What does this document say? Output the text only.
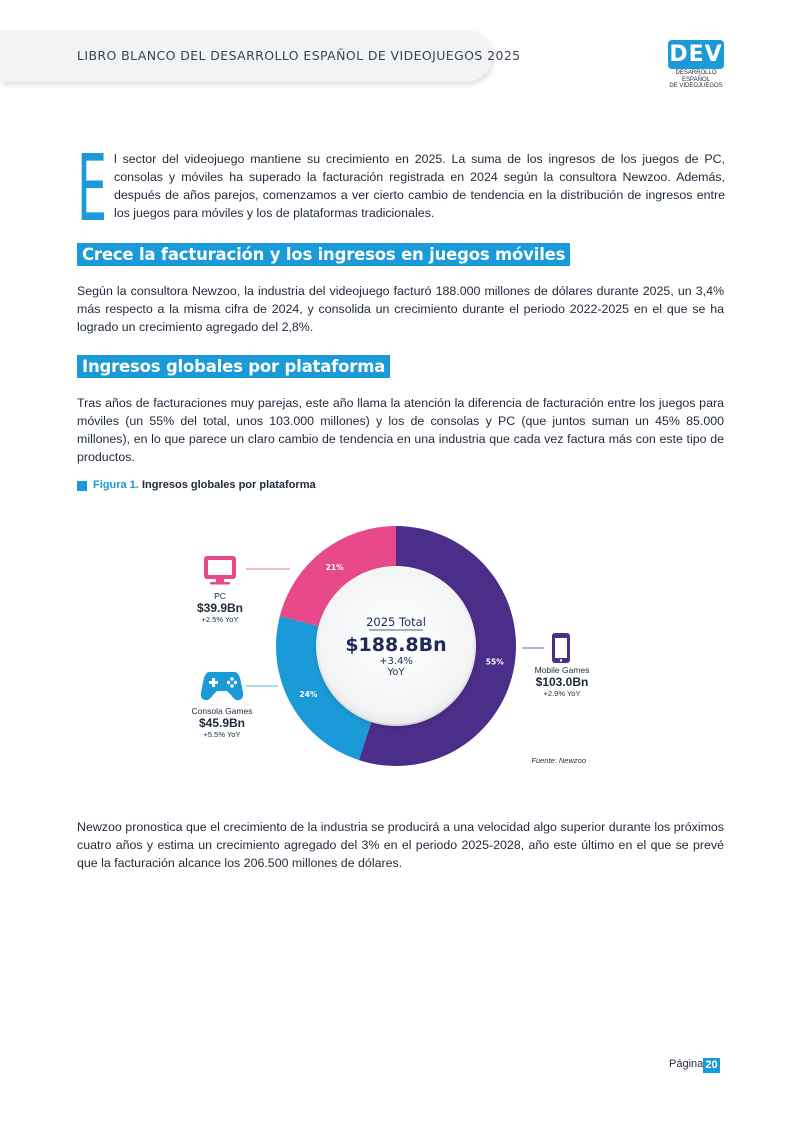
LIBRO BLANCO DEL DESARROLLO ESPAÑOL DE VIDEOJUEGOS 2025	DEV
DESARROLLO ESPAÑOL
DE VIDEOJUEGOS
E l sector del videojuego mantiene su crecimiento en 2025. La suma de los ingresos de los juegos de PC, consolas y móviles ha superado la facturación registrada en 2024 según la consultora Newzoo. Además, después de años parejos, comenzamos a ver cierto cambio de tendencia en la distribución de ingresos entre los juegos para móviles y los de plataformas tradicionales.
Crece la facturación y los ingresos en juegos móviles
Según la consultora Newzoo, la industria del videojuego facturó 188.000 millones de dólares durante 2025, un 3,4% más respecto a la misma cifra de 2024, y consolida un crecimiento durante el periodo 2022-2025 en el que se ha logrado un crecimiento agregado del 2,8%.
Ingresos globales por plataforma
Tras años de facturaciones muy parejas, este año llama la atención la diferencia de facturación entre los juegos para móviles (un 55% del total, unos 103.000 millones) y los de consolas y PC (que juntos suman un 45% 85.000 millones), en lo que parece un claro cambio de tendencia en una industria que cada vez factura más con este tipo de productos.
Figura 1. Ingresos globales por plataforma
55%
24%
21%
2025 Total
$188.8Bn
+3.4%
YoY
PC
$39.9Bn
+2.5% YoY
Consola Games
$45.9Bn
+5.5% YoY
Mobile Games
$103.0Bn
+2.9% YoY
Fuente: Newzoo
Newzoo pronostica que el crecimiento de la industria se producirá a una velocidad algo superior durante los próximos cuatro años y estima un crecimiento agregado del 3% en el periodo 2025-2028, año este último en el que se prevé que la facturación alcance los 206.500 millones de dólares.
Página 20
